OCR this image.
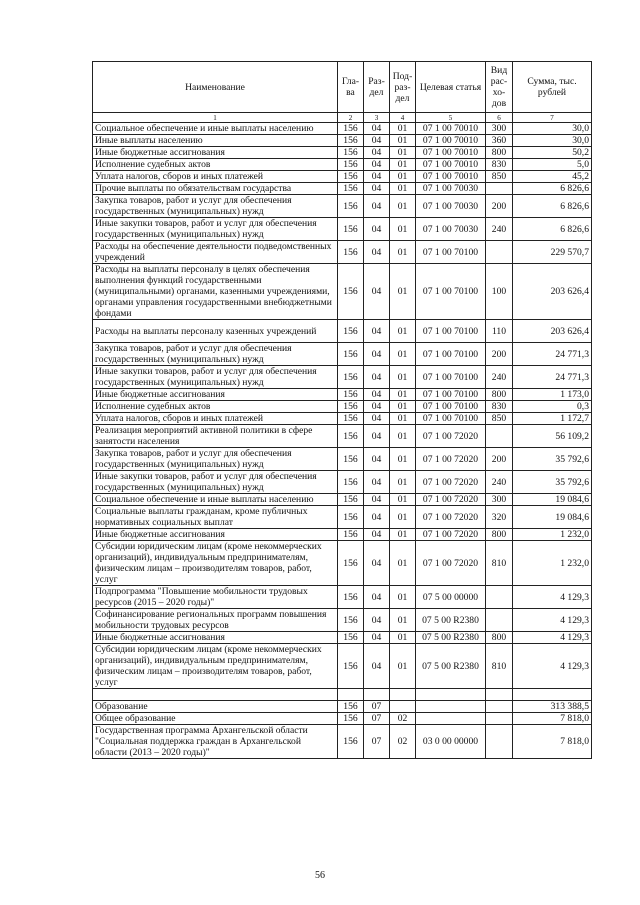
Наименование	Гла-ва	Раз-дел	Под-раз-дел	Целевая статья	Вид рас-хо-дов	Сумма, тыс. рублей
1	2	3	4	5	6	7
Социальное обеспечение и иные выплаты населению	156	04	01	07 1 00 70010	300	30,0
Иные выплаты населению	156	04	01	07 1 00 70010	360	30,0
Иные бюджетные ассигнования	156	04	01	07 1 00 70010	800	50,2
Исполнение судебных актов	156	04	01	07 1 00 70010	830	5,0
Уплата налогов, сборов и иных платежей	156	04	01	07 1 00 70010	850	45,2
Прочие выплаты по обязательствам государства	156	04	01	07 1 00 70030		6 826,6
Закупка товаров, работ и услуг для обеспечения государственных (муниципальных) нужд	156	04	01	07 1 00 70030	200	6 826,6
Иные закупки товаров, работ и услуг для обеспечения государственных (муниципальных) нужд	156	04	01	07 1 00 70030	240	6 826,6
Расходы на обеспечение деятельности подведомственных учреждений	156	04	01	07 1 00 70100		229 570,7
Расходы на выплаты персоналу в целях обеспечения выполнения функций государственными (муниципальными) органами, казенными учреждениями, органами управления государственными внебюджетными фондами	156	04	01	07 1 00 70100	100	203 626,4
Расходы на выплаты персоналу казенных учреждений	156	04	01	07 1 00 70100	110	203 626,4
Закупка товаров, работ и услуг для обеспечения государственных (муниципальных) нужд	156	04	01	07 1 00 70100	200	24 771,3
Иные закупки товаров, работ и услуг для обеспечения государственных (муниципальных) нужд	156	04	01	07 1 00 70100	240	24 771,3
Иные бюджетные ассигнования	156	04	01	07 1 00 70100	800	1 173,0
Исполнение судебных актов	156	04	01	07 1 00 70100	830	0,3
Уплата налогов, сборов и иных платежей	156	04	01	07 1 00 70100	850	1 172,7
Реализация мероприятий активной политики в сфере занятости населения	156	04	01	07 1 00 72020		56 109,2
Закупка товаров, работ и услуг для обеспечения государственных (муниципальных) нужд	156	04	01	07 1 00 72020	200	35 792,6
Иные закупки товаров, работ и услуг для обеспечения государственных (муниципальных) нужд	156	04	01	07 1 00 72020	240	35 792,6
Социальное обеспечение и иные выплаты населению	156	04	01	07 1 00 72020	300	19 084,6
Социальные выплаты гражданам, кроме публичных нормативных социальных выплат	156	04	01	07 1 00 72020	320	19 084,6
Иные бюджетные ассигнования	156	04	01	07 1 00 72020	800	1 232,0
Субсидии юридическим лицам (кроме некоммерческих организаций), индивидуальным предпринимателям, физическим лицам – производителям товаров, работ, услуг	156	04	01	07 1 00 72020	810	1 232,0
Подпрограмма "Повышение мобильности трудовых ресурсов (2015 – 2020 годы)"	156	04	01	07 5 00 00000		4 129,3
Софинансирование региональных программ повышения мобильности трудовых ресурсов	156	04	01	07 5 00 R2380		4 129,3
Иные бюджетные ассигнования	156	04	01	07 5 00 R2380	800	4 129,3
Субсидии юридическим лицам (кроме некоммерческих организаций), индивидуальным предпринимателям, физическим лицам – производителям товаров, работ, услуг	156	04	01	07 5 00 R2380	810	4 129,3

Образование	156	07				313 388,5
Общее образование	156	07	02			7 818,0
Государственная программа Архангельской области "Социальная поддержка граждан в Архангельской области (2013 – 2020 годы)"	156	07	02	03 0 00 00000		7 818,0
56
